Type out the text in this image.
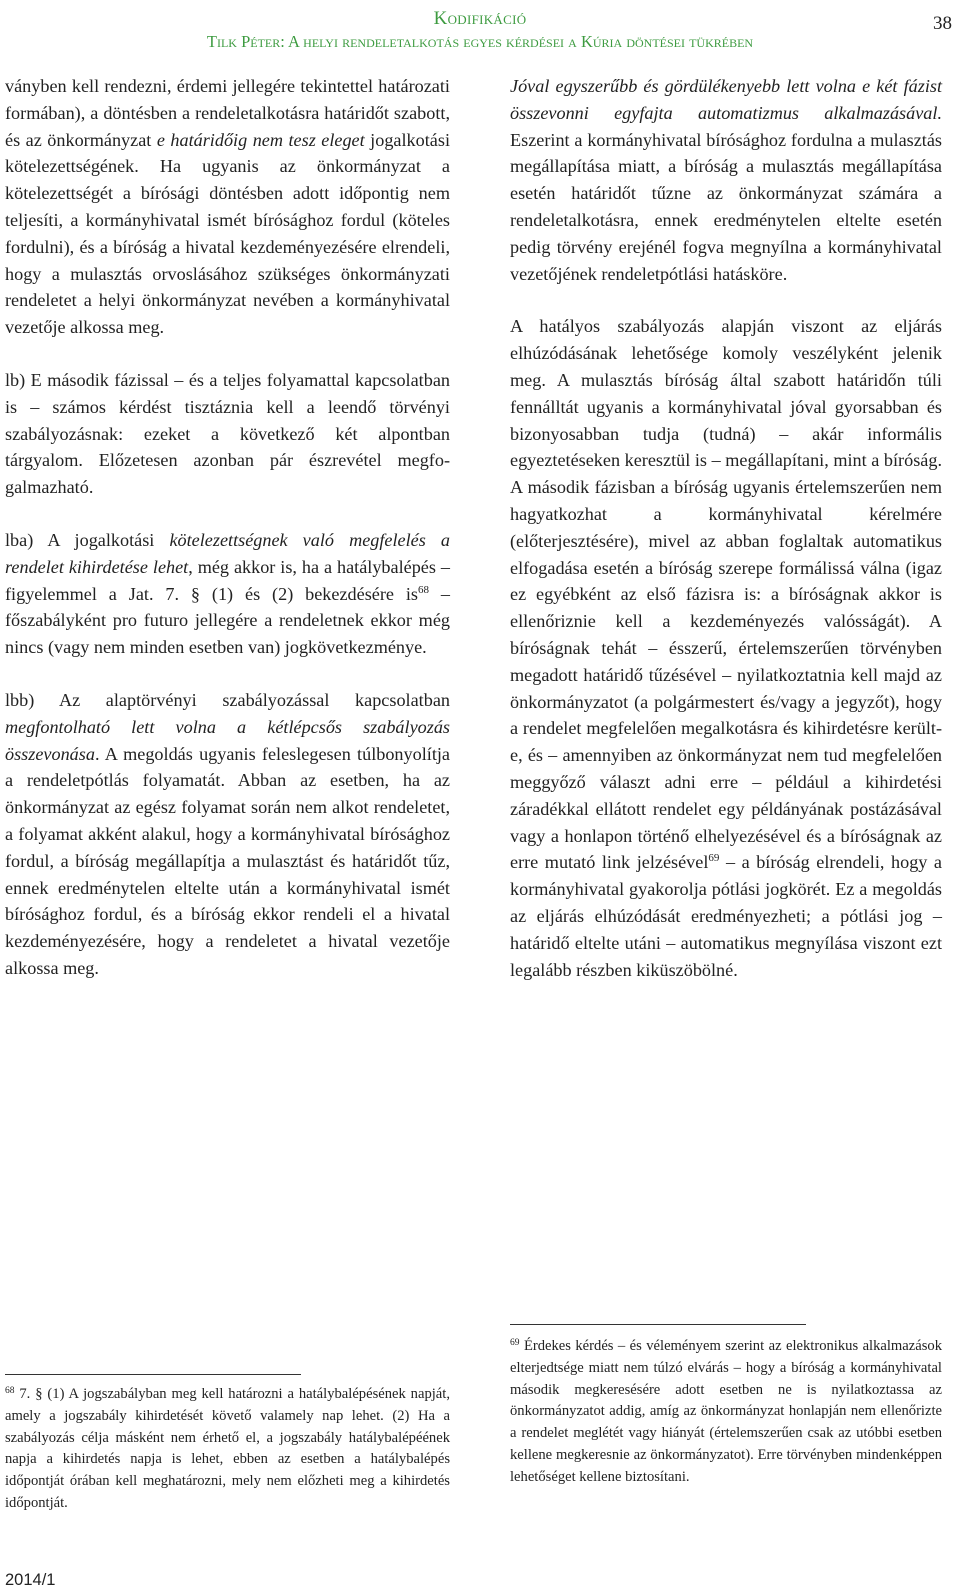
Kodifikáció
Tilk Péter: A helyi rendeletalkotás egyes kérdései a Kúria döntései tükrében
38

ványben kell rendezni, érdemi jellegére tekintettel határozati formában), a döntésben a rendeletalkotásra határidőt szabott, és az önkormányzat e határidőig nem tesz eleget jogalkotási kötelezettségének. Ha ugyanis az önkormányzat a kötelezettségét a bírósági döntésben adott időpontig nem teljesíti, a kormányhivatal ismét bírósághoz fordul (köteles fordulni), és a bíróság a hivatal kezdeményezésére elrendeli, hogy a mulasztás orvoslásához szükséges önkormányzati rendeletet a helyi önkormányzat nevében a kormányhivatal vezetője alkossa meg.

lb) E második fázissal – és a teljes folyamattal kapcsolatban is – számos kérdést tisztáznia kell a leendő törvényi szabályozásnak: ezeket a következő két alpontban tárgyalom. Előzetesen azonban pár észrevétel megfogalmazható.

lba) A jogalkotási kötelezettségnek való megfelelés a rendelet kihirdetése lehet, még akkor is, ha a hatálybalépés – figyelemmel a Jat. 7. § (1) és (2) bekezdésére $is^{68}$ – főszabályként pro futuro jellegére a rendeletnek ekkor még nincs (vagy nem minden esetben van) jogkövetkezménye.

lbb) Az alaptörvényi szabályozással kapcsolatban megfontolható lett volna a kétlépcsős szabályozás összevonása. A megoldás ugyanis feleslegesen túlbonyolítja a rendeletpótlás folyamatát. Abban az esetben, ha az önkormányzat az egész folyamat során nem alkot rendeletet, a folyamat akként alakul, hogy a kormányhivatal bírósághoz fordul, a bíróság megállapítja a mulasztást és határidőt tűz, ennek eredménytelen eltelte után a kormányhivatal ismét bírósághoz fordul, és a bíróság ekkor rendeli el a hivatal kezdeményezésére, hogy a rendeletet a hivatal vezetője alkossa meg.

Jóval egyszerűbb és gördülékenyebb lett volna e két fázist összevonni egyfajta automatizmus alkalmazásával. Eszerint a kormányhivatal bírósághoz fordulna a mulasztás megállapítása miatt, a bíróság a mulasztás megállapítása esetén határidőt tűzne az önkormányzat számára a rendeletalkotásra, ennek eredménytelen eltelte esetén pedig törvény erejénél fogva megnyílna a kormányhivatal vezetőjének rendeletpótlási hatásköre.

A hatályos szabályozás alapján viszont az eljárás elhúzódásának lehetősége komoly veszélyként jelenik meg. A mulasztás bíróság által szabott határidőn túli fennálltát ugyanis a kormányhivatal jóval gyorsabban és bizonyosabban tudja (tudná) – akár informális egyeztetéseken keresztül is – megállapítani, mint a bíróság. A második fázisban a bíróság ugyanis értelemszerűen nem hagyatkozhat a kormányhivatal kérelmére (előterjesztésére), mivel az abban foglaltak automatikus elfogadása esetén a bíróság szerepe formálissá válna (igaz ez egyébként az első fázisra is: a bíróságnak akkor is ellenőriznie kell a kezdeményezés valósságát). A bíróságnak tehát – ésszerű, értelemszerűen törvényben megadott határidő tűzésével – nyilatkoztatnia kell majd az önkormányzatot (a polgármestert és/vagy a jegyzőt), hogy a rendelet megfelelően megalkotásra és kihirdetésre kerülte, és – amennyiben az önkormányzat nem tud megfelelően meggyőző választ adni erre – például a kihirdetési záradékkal ellátott rendelet egy példányának postázásával vagy a honlapon történő elhelyezésével és a bíróságnak az erre mutató link jelzésével$^{69}$ – a bíróság elrendeli, hogy a kormányhivatal gyakorolja pótlási jogkörét. Ez a megoldás az eljárás elhúzódását eredményezheti; a pótlási jog – határidő eltelte utáni – automatikus megnyílása viszont ezt legalább részben kiküszöbölné.

$^{68}$ 7. § (1) A jogszabályban meg kell határozni a hatálybalépésének napját, amely a jogszabály kihirdetését követő valamely nap lehet. (2) Ha a szabályozás célja másként nem érhető el, a jogszabály hatálybalépéének napja a kihirdetés napja is lehet, ebben az esetben a hatálybalépés időpontját órában kell meghatározni, mely nem előzheti meg a kihirdetés időpontját.
$^{69}$ Érdekes kérdés – és véleményem szerint az elektronikus alkalmazások elterjedtsége miatt nem túlzó elvárás – hogy a bíróság a kormányhivatal második megkeresésére adott esetben ne is nyilatkoztassa az önkormányzatot addig, amíg az önkormányzat honlapján nem ellenőrizte a rendelet meglétét vagy hiányát (értelemszerűen csak az utóbbi esetben kellene megkeresnie az önkormányzatot). Erre törvényben mindenképpen lehetőséget kellene biztosítani.
2014/1
